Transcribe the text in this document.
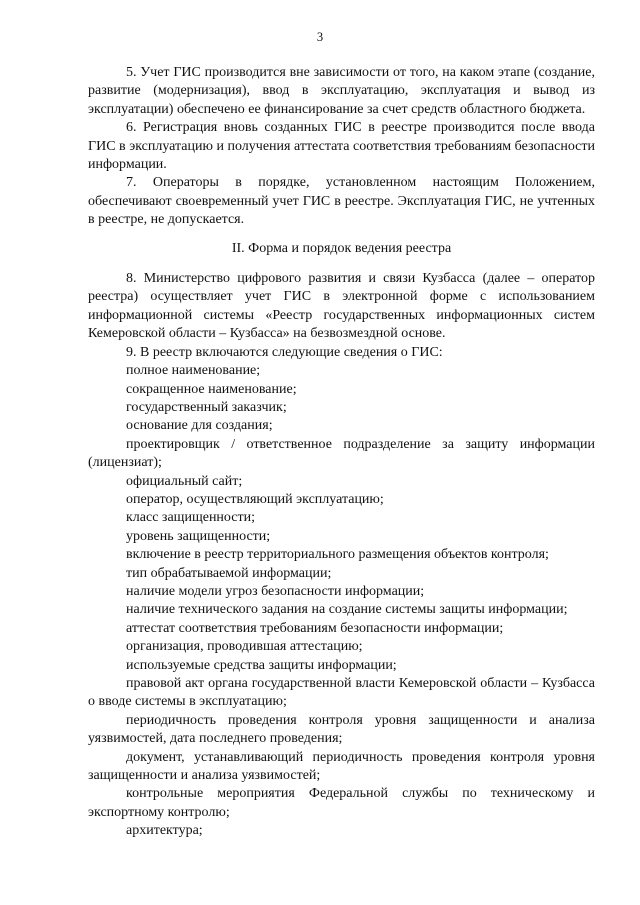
3

5. Учет ГИС производится вне зависимости от того, на каком этапе (создание, развитие (модернизация), ввод в эксплуатацию, эксплуатация и вывод из эксплуатации) обеспечено ее финансирование за счет средств областного бюджета.

6. Регистрация вновь созданных ГИС в реестре производится после ввода ГИС в эксплуатацию и получения аттестата соответствия требованиям безопасности информации.

7. Операторы в порядке, установленном настоящим Положением, обеспечивают своевременный учет ГИС в реестре. Эксплуатация ГИС, не учтенных в реестре, не допускается.

II. Форма и порядок ведения реестра

8. Министерство цифрового развития и связи Кузбасса (далее – оператор реестра) осуществляет учет ГИС в электронной форме с использованием информационной системы «Реестр государственных информационных систем Кемеровской области – Кузбасса» на безвозмездной основе.

9. В реестр включаются следующие сведения о ГИС:

полное наименование;

сокращенное наименование;

государственный заказчик;

основание для создания;

проектировщик / ответственное подразделение за защиту информации (лицензиат);

официальный сайт;

оператор, осуществляющий эксплуатацию;

класс защищенности;

уровень защищенности;

включение в реестр территориального размещения объектов контроля;

тип обрабатываемой информации;

наличие модели угроз безопасности информации;

наличие технического задания на создание системы защиты информации;

аттестат соответствия требованиям безопасности информации;

организация, проводившая аттестацию;

используемые средства защиты информации;

правовой акт органа государственной власти Кемеровской области – Кузбасса о вводе системы в эксплуатацию;

периодичность проведения контроля уровня защищенности и анализа уязвимостей, дата последнего проведения;

документ, устанавливающий периодичность проведения контроля уровня защищенности и анализа уязвимостей;

контрольные мероприятия Федеральной службы по техническому и экспортному контролю;

архитектура;
